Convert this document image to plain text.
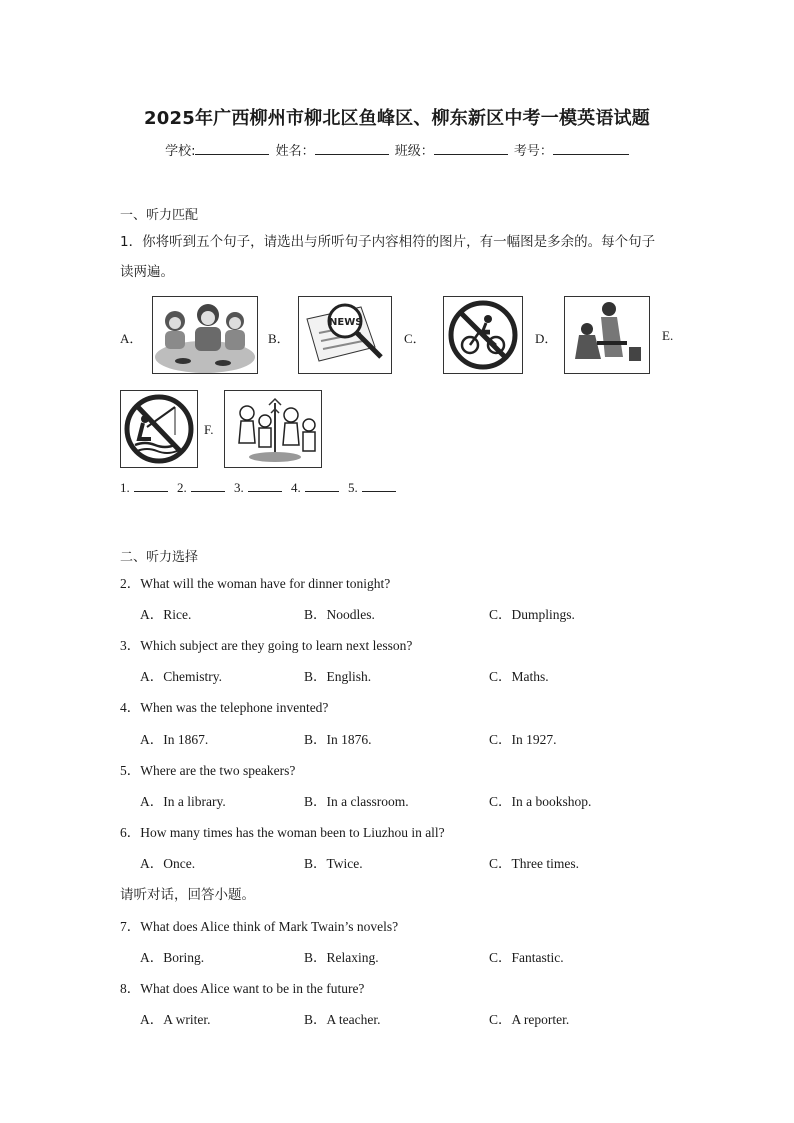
2025年广西柳州市柳北区鱼峰区、柳东新区中考一模英语试题
学校:	姓名：	班级：	考号：
一、听力匹配
1．你将听到五个句子，请选出与所听句子内容相符的图片，有一幅图是多余的。每个句子
读两遍。
A．	B．
NEWS
C．	D．	E.
F.
1.	2.	3.	4.	5.
二、听力选择
2．What will the woman have for dinner tonight?
A．Rice.	B．Noodles.	C．Dumplings.
3．Which subject are they going to learn next lesson?
A．Chemistry.	B．English.	C．Maths.
4．When was the telephone invented?
A．In 1867.	B．In 1876.	C．In 1927.
5．Where are the two speakers?
A．In a library.	B．In a classroom.	C．In a bookshop.
6．How many times has the woman been to Liuzhou in all?
A．Once.	B．Twice.	C．Three times.
请听对话，回答小题。
7．What does Alice think of Mark Twain’s novels?
A．Boring.	B．Relaxing.	C．Fantastic.
8．What does Alice want to be in the future?
A．A writer.	B．A teacher.	C．A reporter.
